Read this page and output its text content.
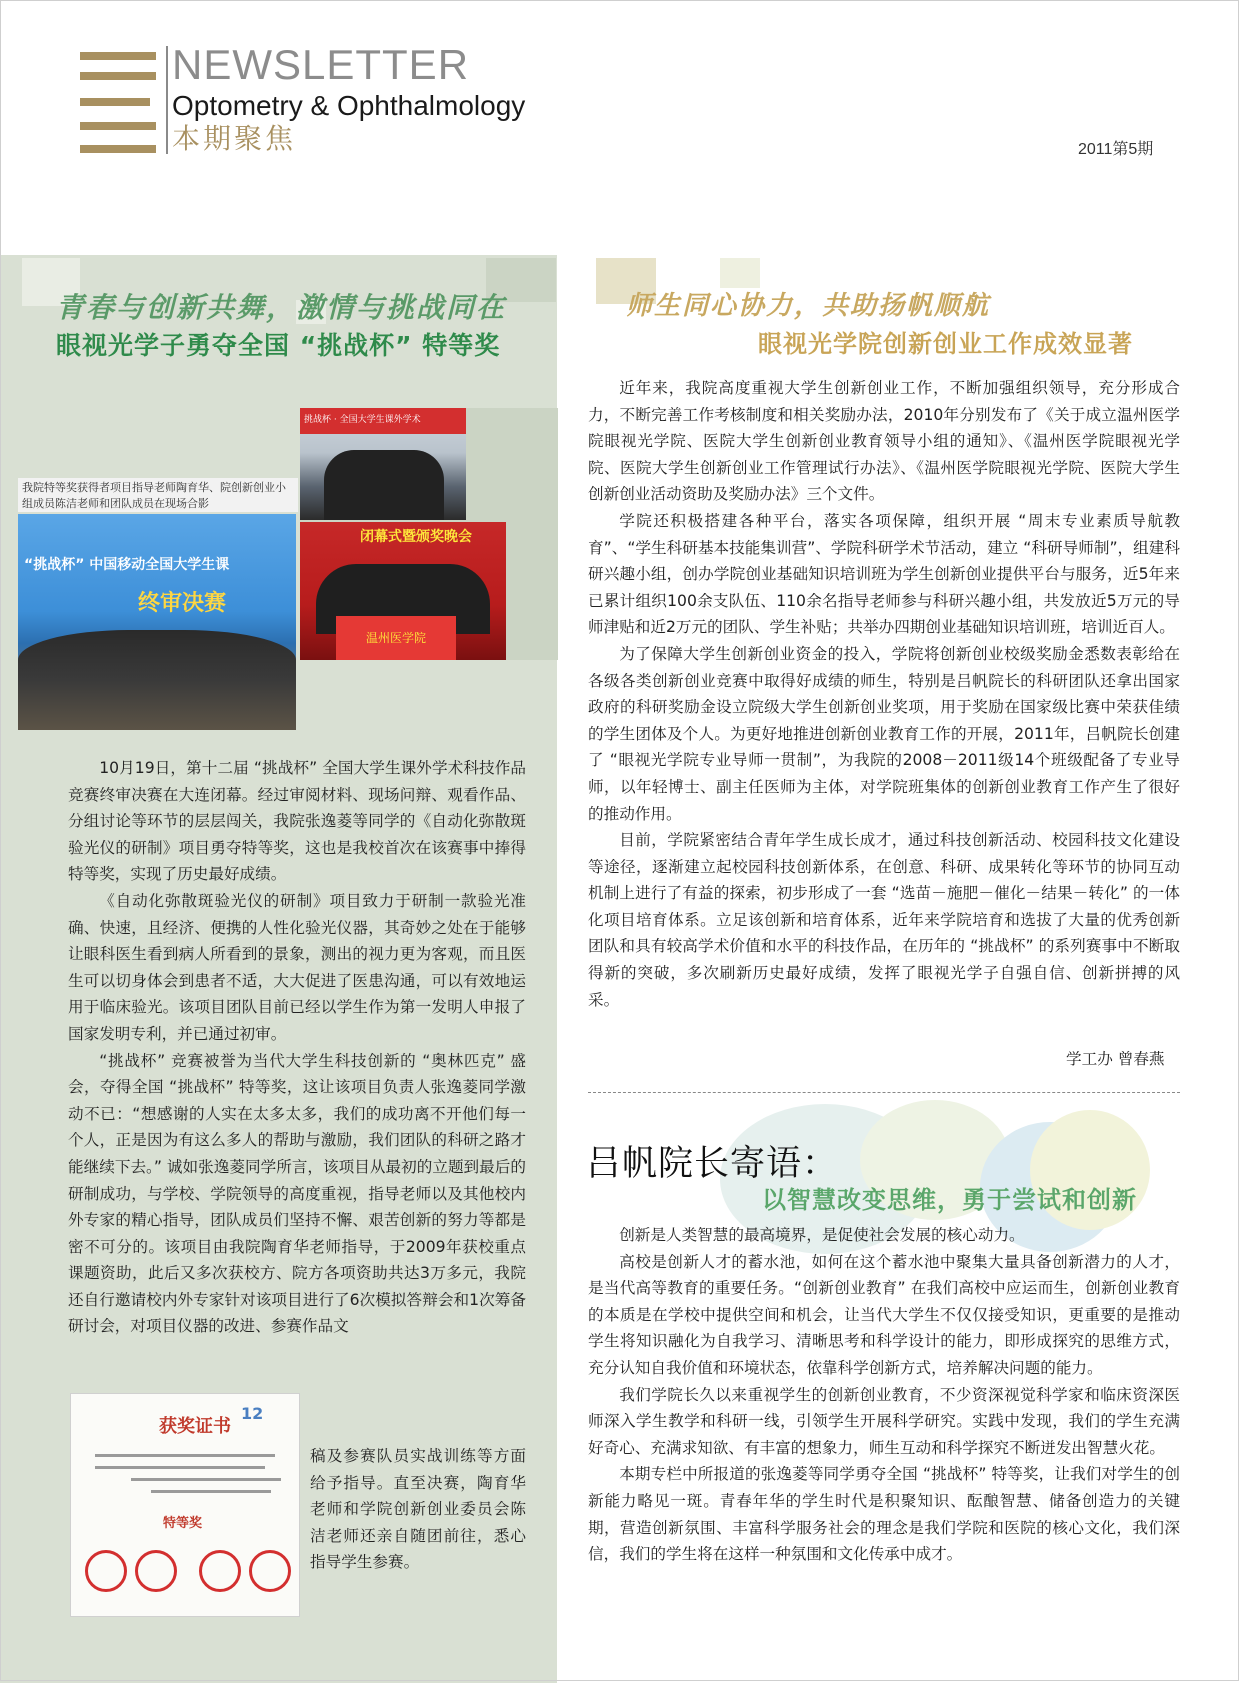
NEWSLETTER
Optometry & Ophthalmology
本期聚焦	2011第5期
青春与创新共舞，激情与挑战同在
眼视光学子勇夺全国 “挑战杯” 特等奖
我院特等奖获得者项目指导老师陶育华、院创新创业小组成员陈洁老师和团队成员在现场合影
“挑战杯” 中国移动全国大学生课
终审决赛
挑战杯 · 全国大学生课外学术
闭幕式暨颁奖晚会
温州医学院

10月19日，第十二届 “挑战杯” 全国大学生课外学术科技作品竞赛终审决赛在大连闭幕。经过审阅材料、现场问辩、观看作品、分组讨论等环节的层层闯关，我院张逸菱等同学的《自动化弥散斑验光仪的研制》项目勇夺特等奖，这也是我校首次在该赛事中捧得特等奖，实现了历史最好成绩。

《自动化弥散斑验光仪的研制》项目致力于研制一款验光准确、快速，且经济、便携的人性化验光仪器，其奇妙之处在于能够让眼科医生看到病人所看到的景象，测出的视力更为客观，而且医生可以切身体会到患者不适，大大促进了医患沟通，可以有效地运用于临床验光。该项目团队目前已经以学生作为第一发明人申报了国家发明专利，并已通过初审。

“挑战杯” 竞赛被誉为当代大学生科技创新的 “奥林匹克” 盛会，夺得全国 “挑战杯” 特等奖，这让该项目负责人张逸菱同学激动不已：“想感谢的人实在太多太多，我们的成功离不开他们每一个人，正是因为有这么多人的帮助与激励，我们团队的科研之路才能继续下去。” 诚如张逸菱同学所言，该项目从最初的立题到最后的研制成功，与学校、学院领导的高度重视，指导老师以及其他校内外专家的精心指导，团队成员们坚持不懈、艰苦创新的努力等都是密不可分的。该项目由我院陶育华老师指导，于2009年获校重点课题资助，此后又多次获校方、院方各项资助共达3万多元，我院还自行邀请校内外专家针对该项目进行了6次模拟答辩会和1次筹备研讨会，对项目仪器的改进、参赛作品文

获奖证书
12
特等奖

稿及参赛队员实战训练等方面给予指导。直至决赛，陶育华老师和学院创新创业委员会陈洁老师还亲自随团前往，悉心指导学生参赛。

师生同心协力，共助扬帆顺航
眼视光学院创新创业工作成效显著

近年来，我院高度重视大学生创新创业工作，不断加强组织领导，充分形成合力，不断完善工作考核制度和相关奖励办法，2010年分别发布了《关于成立温州医学院眼视光学院、医院大学生创新创业教育领导小组的通知》、《温州医学院眼视光学院、医院大学生创新创业工作管理试行办法》、《温州医学院眼视光学院、医院大学生创新创业活动资助及奖励办法》三个文件。

学院还积极搭建各种平台，落实各项保障，组织开展 “周末专业素质导航教育”、“学生科研基本技能集训营”、学院科研学术节活动，建立 “科研导师制”，组建科研兴趣小组，创办学院创业基础知识培训班为学生创新创业提供平台与服务，近5年来已累计组织100余支队伍、110余名指导老师参与科研兴趣小组，共发放近5万元的导师津贴和近2万元的团队、学生补贴；共举办四期创业基础知识培训班，培训近百人。

为了保障大学生创新创业资金的投入，学院将创新创业校级奖励金悉数表彰给在各级各类创新创业竞赛中取得好成绩的师生，特别是吕帆院长的科研团队还拿出国家政府的科研奖励金设立院级大学生创新创业奖项，用于奖励在国家级比赛中荣获佳绩的学生团体及个人。为更好地推进创新创业教育工作的开展，2011年，吕帆院长创建了 “眼视光学院专业导师一贯制”，为我院的2008－2011级14个班级配备了专业导师，以年轻博士、副主任医师为主体，对学院班集体的创新创业教育工作产生了很好的推动作用。

目前，学院紧密结合青年学生成长成才，通过科技创新活动、校园科技文化建设等途径，逐渐建立起校园科技创新体系，在创意、科研、成果转化等环节的协同互动机制上进行了有益的探索，初步形成了一套 “选苗－施肥－催化－结果－转化” 的一体化项目培育体系。立足该创新和培育体系，近年来学院培育和选拔了大量的优秀创新团队和具有较高学术价值和水平的科技作品，在历年的 “挑战杯” 的系列赛事中不断取得新的突破，多次刷新历史最好成绩，发挥了眼视光学子自强自信、创新拼搏的风采。

学工办 曾春燕
吕帆院长寄语：
以智慧改变思维，勇于尝试和创新

创新是人类智慧的最高境界，是促使社会发展的核心动力。

高校是创新人才的蓄水池，如何在这个蓄水池中聚集大量具备创新潜力的人才，是当代高等教育的重要任务。“创新创业教育” 在我们高校中应运而生，创新创业教育的本质是在学校中提供空间和机会，让当代大学生不仅仅接受知识，更重要的是推动学生将知识融化为自我学习、清晰思考和科学设计的能力，即形成探究的思维方式，充分认知自我价值和环境状态，依靠科学创新方式，培养解决问题的能力。

我们学院长久以来重视学生的创新创业教育，不少资深视觉科学家和临床资深医师深入学生教学和科研一线，引领学生开展科学研究。实践中发现，我们的学生充满好奇心、充满求知欲、有丰富的想象力，师生互动和科学探究不断迸发出智慧火花。

本期专栏中所报道的张逸菱等同学勇夺全国 “挑战杯” 特等奖，让我们对学生的创新能力略见一斑。青春年华的学生时代是积聚知识、酝酿智慧、储备创造力的关键期，营造创新氛围、丰富科学服务社会的理念是我们学院和医院的核心文化，我们深信，我们的学生将在这样一种氛围和文化传承中成才。
